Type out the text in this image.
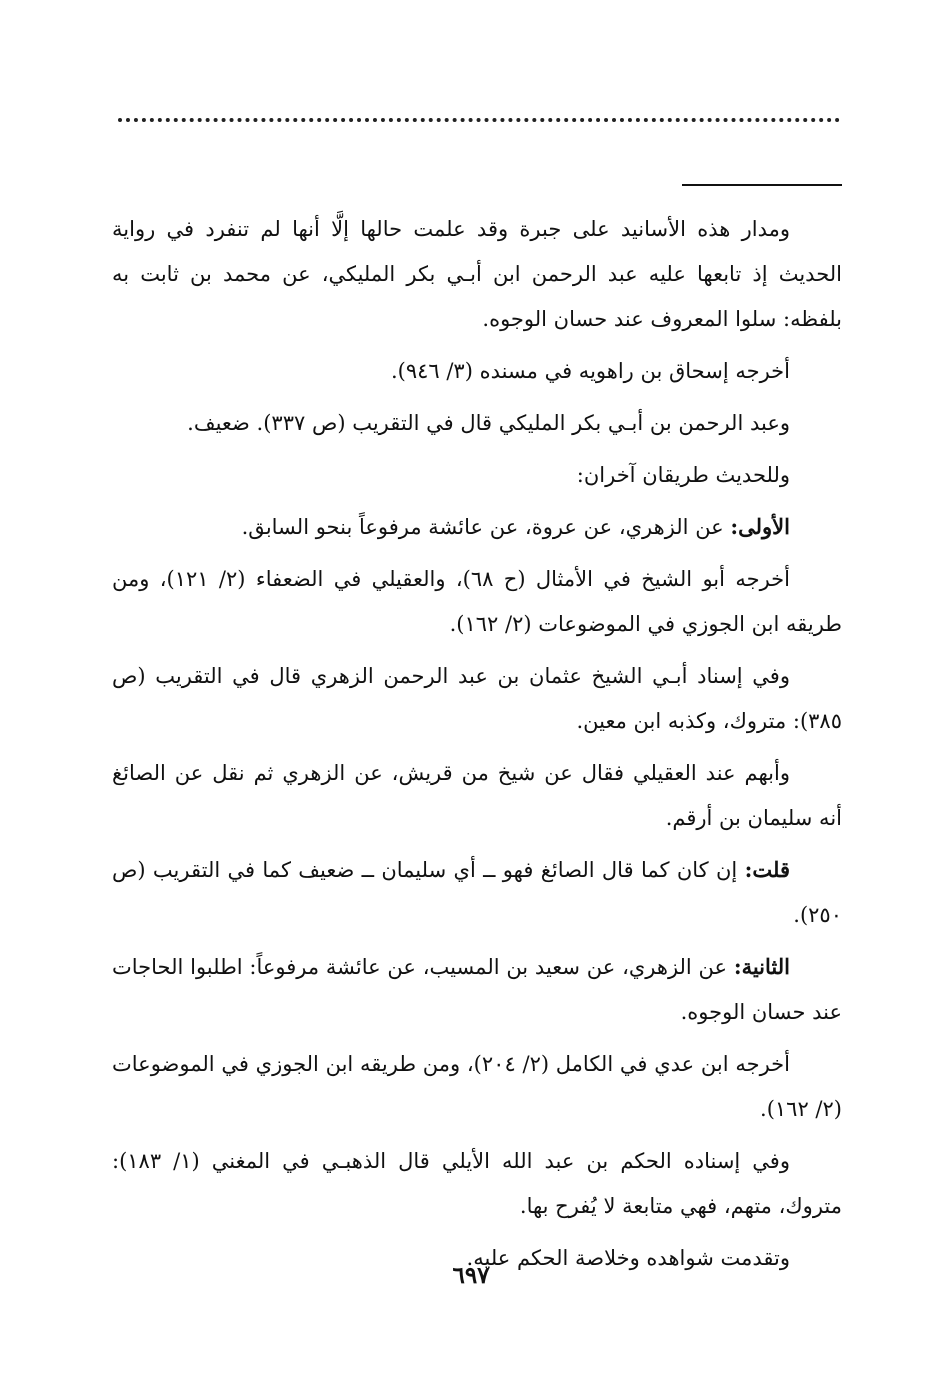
ومدار هذه الأسانيد على جبرة وقد علمت حالها إلَّا أنها لم تنفرد في رواية الحديث إذ تابعها عليه عبد الرحمن ابن أبـي بكر المليكي، عن محمد بن ثابت به بلفظه: سلوا المعروف عند حسان الوجوه.

أخرجه إسحاق بن راهويه في مسنده (٣/ ٩٤٦).

وعبد الرحمن بن أبـي بكر المليكي قال في التقريب (ص ٣٣٧). ضعيف.

وللحديث طريقان آخران:

الأولى: عن الزهري، عن عروة، عن عائشة مرفوعاً بنحو السابق.

أخرجه أبو الشيخ في الأمثال (ح ٦٨)، والعقيلي في الضعفاء (٢/ ١٢١)، ومن طريقه ابن الجوزي في الموضوعات (٢/ ١٦٢).

وفي إسناد أبـي الشيخ عثمان بن عبد الرحمن الزهري قال في التقريب (ص ٣٨٥): متروك، وكذبه ابن معين.

وأبهم عند العقيلي فقال عن شيخ من قريش، عن الزهري ثم نقل عن الصائغ أنه سليمان بن أرقم.

قلت: إن كان كما قال الصائغ فهو ــ أي سليمان ــ ضعيف كما في التقريب (ص ٢٥٠).

الثانية: عن الزهري، عن سعيد بن المسيب، عن عائشة مرفوعاً: اطلبوا الحاجات عند حسان الوجوه.

أخرجه ابن عدي في الكامل (٢/ ٢٠٤)، ومن طريقه ابن الجوزي في الموضوعات (٢/ ١٦٢).

وفي إسناده الحكم بن عبد الله الأيلي قال الذهبـي في المغني (١/ ١٨٣): متروك، متهم، فهي متابعة لا يُفرح بها.

وتقدمت شواهده وخلاصة الحكم عليه.

٦٩٧
